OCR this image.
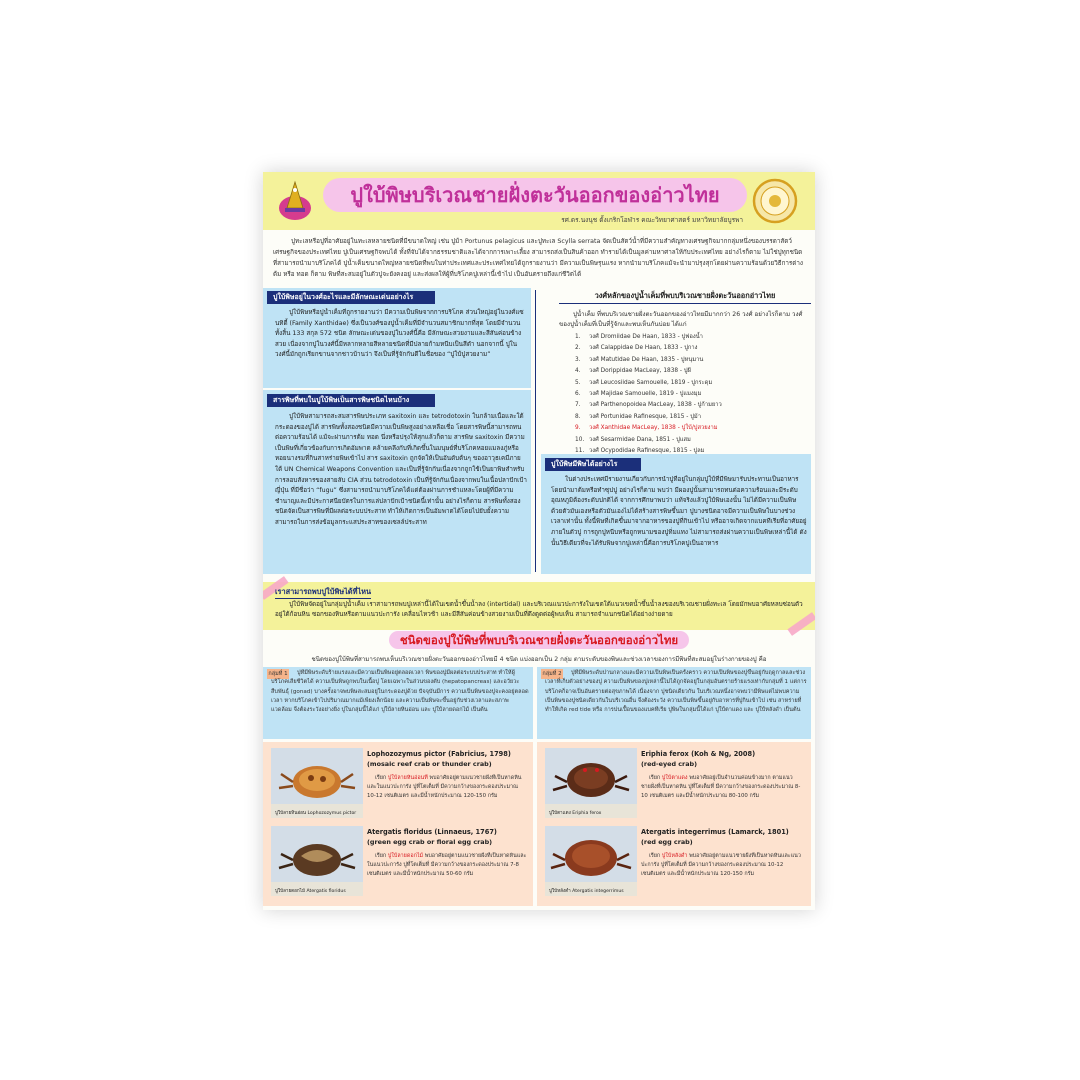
ปูใบ้พิษบริเวณชายฝั่งตะวันออกของอ่าวไทย
รศ.ดร.นงนุช ตั้งเกริกโอฬาร คณะวิทยาศาสตร์ มหาวิทยาลัยบูรพา
ปูทะเลหรือปูที่อาศัยอยู่ในทะเลหลายชนิดที่มีขนาดใหญ่ เช่น ปูม้า Portunus pelagicus และปูทะเล Scylla serrata จัดเป็นสัตว์น้ำที่มีความสำคัญทางเศรษฐกิจมากกลุ่มหนึ่งของบรรดาสัตว์เศรษฐกิจของประเทศไทย ปูเป็นเศรษฐกิจพบได้ ทั้งที่จับได้จากธรรมชาติและได้จากการเพาะเลี้ยง สามารถส่งเป็นสินค้าออก ทำรายได้เป็นมูลค่ามหาศาลให้กับประเทศไทย อย่างไรก็ตาม ไม่ใช่ปูทุกชนิดที่สามารถนำมาบริโภคได้ ปูน้ำเค็มขนาดใหญ่หลายชนิดที่พบในท่าประเทศและประเทศไทยได้ถูกรายงานว่า มีความเป็นพิษรุนแรง หากนำมาบริโภคแม้จะนำมาปรุงสุกโดยผ่านความร้อนด้วยวิธีการต่าง ต้ม หรือ ทอด ก็ตาม พิษที่สะสมอยู่ในตัวปูจะยังคงอยู่ และส่งผลให้ผู้ที่บริโภคปูเหล่านี้เข้าไป เป็นอันตรายถึงแก่ชีวิตได้
ปูใบ้พิษอยู่ในวงศ์อะไรและมีลักษณะเด่นอย่างไร
ปูใบ้พิษหรือปูน้ำเค็มที่ถูกรายงานว่า มีความเป็นพิษจากการบริโภค ส่วนใหญ่อยู่ในวงศ์แซนทิดี้ (Family Xanthidae) ซึ่งเป็นวงศ์ของปูน้ำเค็มที่มีจำนวนสมาชิกมากที่สุด โดยมีจำนวนทั้งสิ้น 133 สกุล 572 ชนิด ลักษณะเด่นของปูในวงศ์นี้คือ มีลักษณะสวยงามและสีสันค่อนข้างสวย เนื่องจากปูในวงศ์นี้มีหลากหลายสีหลายชนิดที่มีปลายก้ามหนีบเป็นสีดำ นอกจากนี้ ปูในวงศ์นี้มักถูกเรียกขานจากชาวบ้านว่า จึงเป็นที่รู้จักกันดีในชื่อของ “ปูใบ้ปูสวยงาม”
สารพิษที่พบในปูใบ้พิษเป็นสารพิษชนิดไหนบ้าง
ปูใบ้พิษสามารถสะสมสารพิษประเภท saxitoxin และ tetrodotoxin ในกล้ามเนื้อและใต้กระดองของปูได้ สารพิษทั้งสองชนิดมีความเป็นพิษสูงอย่างเหลือเชื่อ โดยสารพิษนี้สามารถทนต่อความร้อนได้ แม้จะผ่านการต้ม ทอด นึ่งหรือปรุงให้สุกแล้วก็ตาม สารพิษ saxitoxin มีความเป็นพิษที่เกี่ยวข้องกับการเกิดอัมพาต คล้ายคลึงกับที่เกิดขึ้นในมนุษย์ที่บริโภคหอยแมลงภู่หรือหอยนางรมที่กินสาหร่ายพิษเข้าไป สาร saxitoxin ถูกจัดให้เป็นอันดับต้นๆ ของอาวุธเคมีภายใต้ UN Chemical Weapons Convention และเป็นที่รู้จักกันเนื่องจากถูกใช้เป็นยาพิษสำหรับการลอบสังหารของสายลับ CIA ส่วน tetrodotoxin เป็นที่รู้จักกันเนื่องจากพบในเนื้อปลาปักเป้าญี่ปุ่น ที่มีชื่อว่า “fugu” ซึ่งสามารถนำมาบริโภคได้แต่ต้องผ่านการชำแหละโดยผู้ที่มีความชำนาญและมีประกาศนียบัตรในการแล่ปลาปักเป้าชนิดนี้เท่านั้น อย่างไรก็ตาม สารพิษทั้งสองชนิดจัดเป็นสารพิษที่มีผลต่อระบบประสาท ทำให้เกิดการเป็นอัมพาตได้โดยไปยับยั้งความสามารถในการส่งข้อมูลกระแสประสาทของเซลล์ประสาท
วงศ์หลักของปูน้ำเค็มที่พบบริเวณชายฝั่งตะวันออกอ่าวไทย
ปูน้ำเค็ม ที่พบบริเวณชายฝั่งตะวันออกของอ่าวไทยมีมากกว่า 26 วงศ์ อย่างไรก็ตาม วงศ์ของปูน้ำเค็มที่เป็นที่รู้จักและพบเห็นกันบ่อย ได้แก่
1. วงศ์ Dromiidae De Haan, 1833 - ปูฟองน้ำ
2. วงศ์ Calappidae De Haan, 1833 - ปูกาง
3. วงศ์ Matutidae De Haan, 1835 - ปูหนุมาน
4. วงศ์ Dorippidae MacLeay, 1838 - ปูผี
5. วงศ์ Leucosiidae Samouelle, 1819 - ปูกระดุม
6. วงศ์ Majidae Samouelle, 1819 - ปูแมงมุม
7. วงศ์ Parthenopoidea MacLeay, 1838 - ปูก้ามยาว
8. วงศ์ Portunidae Rafinesque, 1815 - ปูม้า
9. วงศ์ Xanthidae MacLeay, 1838 - ปูใบ้/ปูสวยงาม
10. วงศ์ Sesarmidae Dana, 1851 - ปูแสม
11. วงศ์ Ocypodidae Rafinesque, 1815 - ปูลม
ปูใบ้พิษมีพิษได้อย่างไร
ในต่างประเทศมีรายงานเกี่ยวกับการนำปูที่อยู่ในกลุ่มปูใบ้ที่มีพิษมารับประทานเป็นอาหาร โดยนำมาต้มหรือทำซุปปู อย่างไรก็ตาม พบว่า มีผองปูนั้นสามารถทนต่อความร้อนและมีระดับอุณหภูมิต้องระดับปกติได้ จากการศึกษาพบว่า แท้จริงแล้วปูใบ้พิษเองนั้น ไม่ได้มีความเป็นพิษด้วยตัวมันเองหรือตัวมันเองไม่ได้สร้างสารพิษขึ้นมา ปูบางชนิดอาจมีความเป็นพิษในบางช่วงเวลาเท่านั้น ทั้งนี้พิษที่เกิดขึ้นมาจากอาหารของปูที่กินเข้าไป หรืออาจเกิดจากแบคทีเรียที่อาศัยอยู่ภายในตัวปู การถูกปูหนีบหรือถูกหนามของปูทิ่มแทง ไม่สามารถส่งผ่านความเป็นพิษเหล่านี้ได้ ดังนั้นวิธีเดียวที่จะได้รับพิษจากปูเหล่านี้คือการบริโภคปูเป็นอาหาร
เราสามารถพบปูใบ้พิษได้ที่ไหน
ปูใบ้พิษจัดอยู่ในกลุ่มปูน้ำเค็ม เราสามารถพบปูเหล่านี้ได้ในเขตน้ำขึ้นน้ำลง (intertidal) และบริเวณแนวปะการังในเขตใต้แนวเขตน้ำขึ้นน้ำลงของบริเวณชายฝั่งทะเล โดยมักพบอาศัยหลบซ่อนตัวอยู่ใต้ก้อนหิน ซอกของหินหรือตามแนวปะการัง เคลื่อนไหวช้า และมีสีสันค่อนข้างสวยงามเป็นที่ดึงดูดต่อผู้พบเห็น สามารถจำแนกชนิดได้อย่างง่ายดาย
ชนิดของปูใบ้พิษที่พบบริเวณชายฝั่งตะวันออกของอ่าวไทย
ชนิดของปูใบ้พิษที่สามารถพบเห็นบริเวณชายฝั่งตะวันออกของอ่าวไทยมี 4 ชนิด แบ่งออกเป็น 2 กลุ่ม ตามระดับของพิษและช่วงเวลาของการมีพิษที่สะสมอยู่ในร่างกายของปู คือ
กลุ่มที่ 1	ปูที่มีพิษระดับร้ายแรงและมีความเป็นพิษอยู่ตลอดเวลา พิษของปูมีผลต่อระบบประสาท ทำให้ผู้บริโภคเสียชีวิตได้ ความเป็นพิษถูกพบในเนื้อปู โดยเฉพาะในส่วนของตับ (hepatopancreas) และอวัยวะสืบพันธุ์ (gonad) บางครั้งอาจพบพิษสะสมอยู่ในกระดองปูด้วย ปัจจุบันมีการ ความเป็นพิษของปูจะคงอยู่ตลอดเวลา หากบริโภคเข้าไปปริมาณมากแม้เพียงเล็กน้อย และความเป็นพิษจะขึ้นอยู่กับช่วงเวลาและสภาพแวดล้อม จึงต้องระวังอย่างยิ่ง ปูในกลุ่มนี้ได้แก่ ปูใบ้ลายหินอ่อน และ ปูใบ้ลายดอกไม้ เป็นต้น
กลุ่มที่ 2	ปูที่มีพิษระดับปานกลางและมีความเป็นพิษเป็นครั้งคราว ความเป็นพิษของปูขึ้นอยู่กับฤดูกาลและช่วงเวลาที่เก็บตัวอย่างของปู ความเป็นพิษของปูเหล่านี้ไม่ได้ถูกจัดอยู่ในกลุ่มอันตรายร้ายแรงเท่ากับกลุ่มที่ 1 แต่การบริโภคก็อาจเป็นอันตรายต่อสุขภาพได้ เนื่องจาก ปูชนิดเดียวกัน ในบริเวณหนึ่งอาจพบว่ามีพิษแต่ไม่พบความเป็นพิษของปูชนิดเดียวกันในบริเวณอื่น จึงต้องระวัง ความเป็นพิษขึ้นอยู่กับอาหารที่ปูกินเข้าไป เช่น สาหร่ายที่ทำให้เกิด red tide หรือ การปนเปื้อนของแบคทีเรีย ปูพิษในกลุ่มนี้ได้แก่ ปูใบ้ตาแดง และ ปูใบ้หลังดำ เป็นต้น
ปูใบ้ลายหินอ่อน Lophozozymus pictor
Lophozozymus pictor (Fabricius, 1798)
(mosaic reef crab or thunder crab)
เรียก ปูใบ้ลายหินอ่อนที่ พบอาศัยอยู่ตามแนวชายฝั่งที่เป็นหาดหินและในแนวปะการัง ปูที่โตเต็มที่ มีความกว้างของกระดองประมาณ 10-12 เซนติเมตร และมีน้ำหนักประมาณ 120-150 กรัม
ปูใบ้ลายดอกไม้ Atergatis floridus
Atergatis floridus (Linnaeus, 1767)
(green egg crab or floral egg crab)
เรียก ปูใบ้ลายดอกไม้ พบอาศัยอยู่ตามแนวชายฝั่งที่เป็นหาดหินและในแนวปะการัง ปูที่โตเต็มที่ มีความกว้างของกระดองประมาณ 7-8 เซนติเมตร และมีน้ำหนักประมาณ 50-60 กรัม
ปูใบ้ตาแดง Eriphia ferox
Eriphia ferox (Koh & Ng, 2008)
(red-eyed crab)
เรียก ปูใบ้ตาแดง พบอาศัยอยู่เป็นจำนวนค่อนข้างมาก ตามแนวชายฝั่งที่เป็นหาดหิน ปูที่โตเต็มที่ มีความกว้างของกระดองประมาณ 8-10 เซนติเมตร และมีน้ำหนักประมาณ 80-100 กรัม
ปูใบ้หลังดำ Atergatis integerrimus
Atergatis integerrimus (Lamarck, 1801)
(red egg crab)
เรียก ปูใบ้หลังดำ พบอาศัยอยู่ตามแนวชายฝั่งที่เป็นหาดหินและแนวปะการัง ปูที่โตเต็มที่ มีความกว้างของกระดองประมาณ 10-12 เซนติเมตร และมีน้ำหนักประมาณ 120-150 กรัม
